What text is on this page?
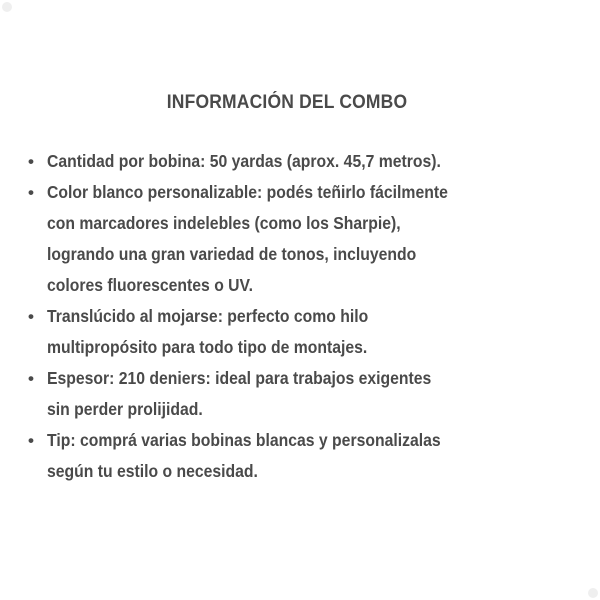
INFORMACIÓN DEL COMBO
• Cantidad por bobina: 50 yardas (aprox. 45,7 metros).
• Color blanco personalizable: podés teñirlo fácilmente
con marcadores indelebles (como los Sharpie),
logrando una gran variedad de tonos, incluyendo
colores fluorescentes o UV.
• Translúcido al mojarse: perfecto como hilo
multipropósito para todo tipo de montajes.
• Espesor: 210 deniers: ideal para trabajos exigentes
sin perder prolijidad.
• Tip: comprá varias bobinas blancas y personalizalas
según tu estilo o necesidad.
